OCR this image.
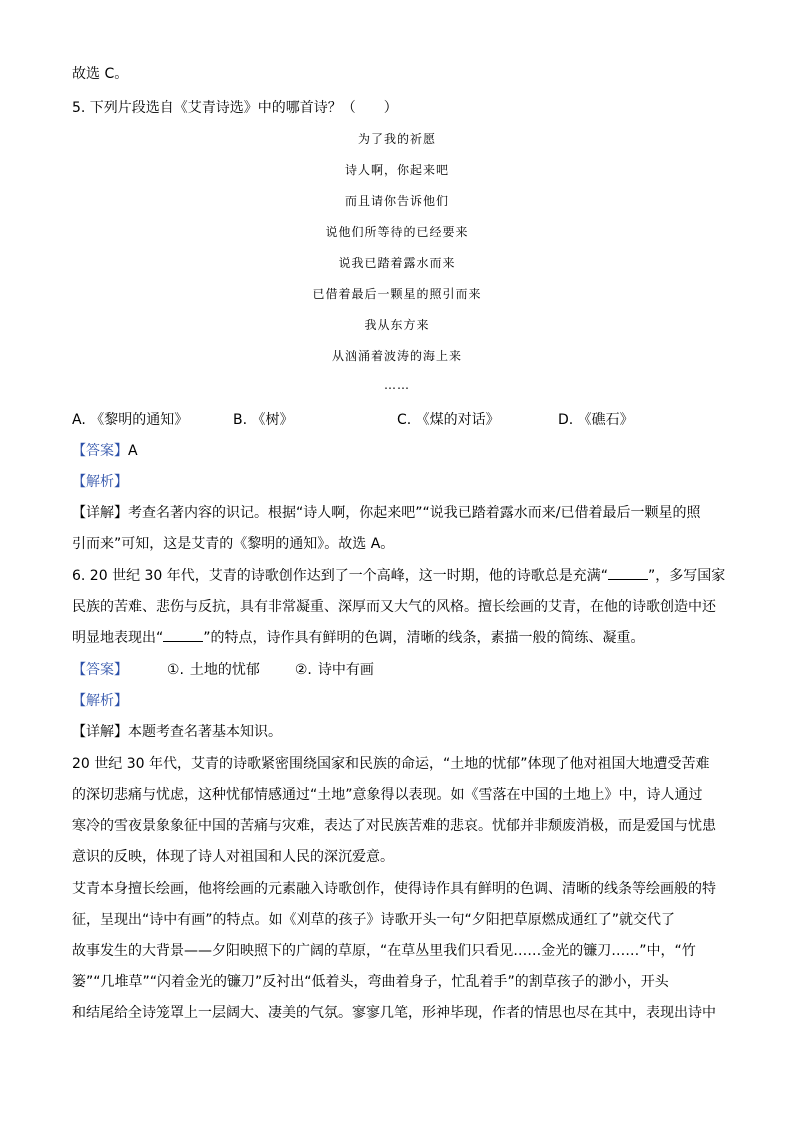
故选 C。
5. 下列片段选自《艾青诗选》中的哪首诗？（　　）
为了我的祈愿
诗人啊，你起来吧
而且请你告诉他们
说他们所等待的已经要来
说我已踏着露水而来
已借着最后一颗星的照引而来
我从东方来
从汹涌着波涛的海上来
……
A. 《黎明的通知》	B. 《树》	C. 《煤的对话》	D. 《礁石》
【答案】A
【解析】
【详解】考查名著内容的识记。根据“诗人啊，你起来吧”“说我已踏着露水而来/已借着最后一颗星的照
引而来”可知，这是艾青的《黎明的通知》。故选 A。
6. 20 世纪 30 年代，艾青的诗歌创作达到了一个高峰，这一时期，他的诗歌总是充满“	”，多写国家
民族的苦难、悲伤与反抗，具有非常凝重、深厚而又大气的风格。擅长绘画的艾青，在他的诗歌创造中还
明显地表现出“	”的特点，诗作具有鲜明的色调，清晰的线条，素描一般的简练、凝重。
【答案】	①. 土地的忧郁 ②. 诗中有画
【解析】
【详解】本题考查名著基本知识。
20 世纪 30 年代，艾青的诗歌紧密围绕国家和民族的命运，“土地的忧郁”体现了他对祖国大地遭受苦难
的深切悲痛与忧虑，这种忧郁情感通过“土地”意象得以表现。如《雪落在中国的土地上》中，诗人通过
寒冷的雪夜景象象征中国的苦痛与灾难，表达了对民族苦难的悲哀。忧郁并非颓废消极，而是爱国与忧患
意识的反映，体现了诗人对祖国和人民的深沉爱意。
艾青本身擅长绘画，他将绘画的元素融入诗歌创作，使得诗作具有鲜明的色调、清晰的线条等绘画般的特
征，呈现出“诗中有画”的特点。如《刈草的孩子》诗歌开头一句“夕阳把草原燃成通红了”就交代了
故事发生的大背景——夕阳映照下的广阔的草原，“在草丛里我们只看见……金光的镰刀……”中，“竹
篓”“几堆草”“闪着金光的镰刀”反衬出“低着头，弯曲着身子，忙乱着手”的割草孩子的渺小，开头
和结尾给全诗笼罩上一层阔大、凄美的气氛。寥寥几笔，形神毕现，作者的情思也尽在其中，表现出诗中
